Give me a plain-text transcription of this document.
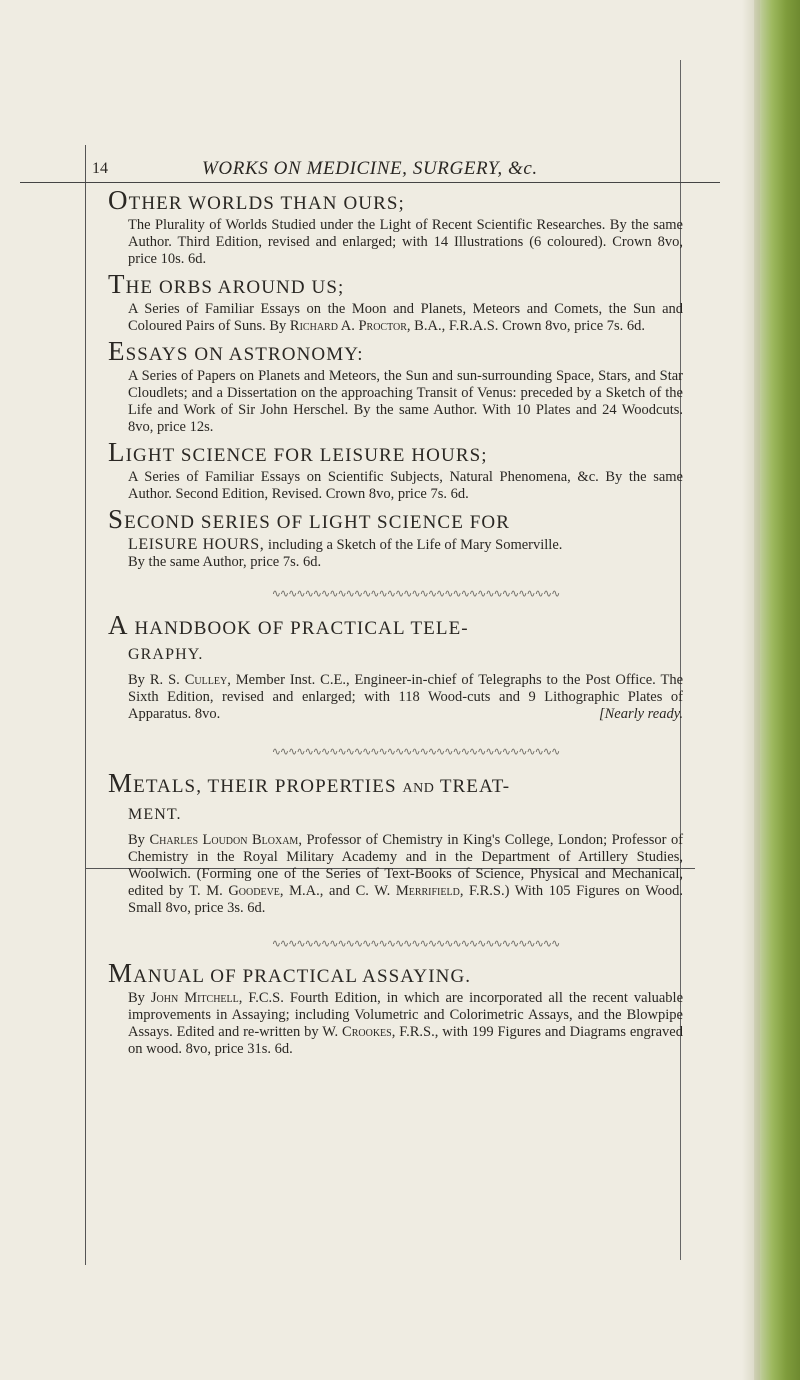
14	WORKS ON MEDICINE, SURGERY, &c.
OTHER WORLDS THAN OURS;

The Plurality of Worlds Studied under the Light of Recent Scientific Researches. By the same Author. Third Edition, revised and enlarged; with 14 Illustrations (6 coloured). Crown 8vo, price 10s. 6d.

THE ORBS AROUND US;

A Series of Familiar Essays on the Moon and Planets, Meteors and Comets, the Sun and Coloured Pairs of Suns. By Richard A. Proctor, B.A., F.R.A.S. Crown 8vo, price 7s. 6d.

ESSAYS ON ASTRONOMY:

A Series of Papers on Planets and Meteors, the Sun and sun-surrounding Space, Stars, and Star Cloudlets; and a Dissertation on the approaching Transit of Venus: preceded by a Sketch of the Life and Work of Sir John Herschel. By the same Author. With 10 Plates and 24 Woodcuts. 8vo, price 12s.

LIGHT SCIENCE FOR LEISURE HOURS;

A Series of Familiar Essays on Scientific Subjects, Natural Phenomena, &c. By the same Author. Second Edition, Revised. Crown 8vo, price 7s. 6d.

SECOND SERIES OF LIGHT SCIENCE FOR

LEISURE HOURS, including a Sketch of the Life of Mary Somerville.
By the same Author, price 7s. 6d.

∿∿∿∿∿∿∿∿∿∿∿∿∿∿∿∿∿∿∿∿∿∿∿∿∿∿∿∿∿∿∿∿∿∿∿
A HANDBOOK OF PRACTICAL TELE-
GRAPHY.

By R. S. Culley, Member Inst. C.E., Engineer-in-chief of Telegraphs to the Post Office. The Sixth Edition, revised and enlarged; with 118 Wood-cuts and 9 Lithographic Plates of Apparatus. 8vo.	[Nearly ready.

∿∿∿∿∿∿∿∿∿∿∿∿∿∿∿∿∿∿∿∿∿∿∿∿∿∿∿∿∿∿∿∿∿∿∿
METALS, THEIR PROPERTIES AND TREAT-
MENT.

By Charles Loudon Bloxam, Professor of Chemistry in King's College, London; Professor of Chemistry in the Royal Military Academy and in the Department of Artillery Studies, Woolwich. (Forming one of the Series of Text-Books of Science, Physical and Mechanical, edited by T. M. Goodeve, M.A., and C. W. Merrifield, F.R.S.) With 105 Figures on Wood. Small 8vo, price 3s. 6d.

∿∿∿∿∿∿∿∿∿∿∿∿∿∿∿∿∿∿∿∿∿∿∿∿∿∿∿∿∿∿∿∿∿∿∿
MANUAL OF PRACTICAL ASSAYING.

By John Mitchell, F.C.S. Fourth Edition, in which are incorporated all the recent valuable improvements in Assaying; including Volumetric and Colorimetric Assays, and the Blowpipe Assays. Edited and re-written by W. Crookes, F.R.S., with 199 Figures and Diagrams engraved on wood. 8vo, price 31s. 6d.
